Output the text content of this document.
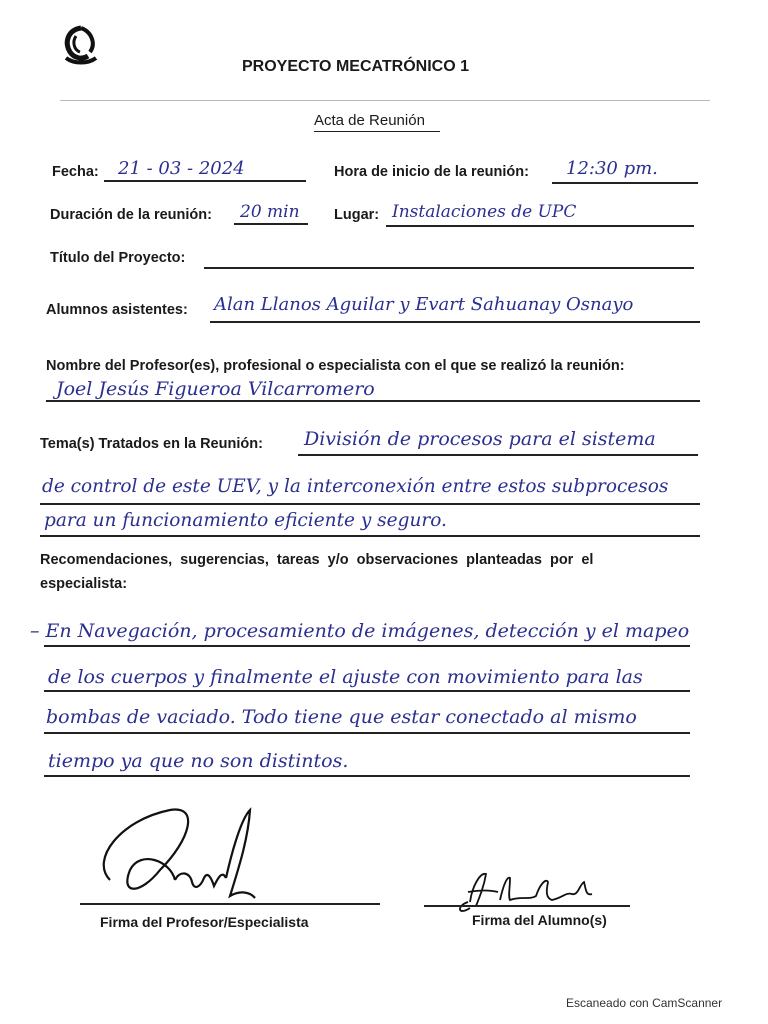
PROYECTO MECATRÓNICO 1
Acta de Reunión
Fecha: 21 - 03 - 2024	Hora de inicio de la reunión: 12:30 pm.
Duración de la reunión: 20 min Lugar: Instalaciones de UPC
Título del Proyecto:
Alumnos asistentes: Alan Llanos Aguilar y Evart Sahuanay Osnayo
Nombre del Profesor(es), profesional o especialista con el que se realizó la reunión:
Joel Jesús Figueroa Vilcarromero
Tema(s) Tratados en la Reunión: División de procesos para el sistema
de control de este UEV, y la interconexión entre estos subprocesos
para un funcionamiento eficiente y seguro.
Recomendaciones, sugerencias, tareas y/o observaciones planteadas por el
especialista:
– En Navegación, procesamiento de imágenes, detección y el mapeo
de los cuerpos y finalmente el ajuste con movimiento para las
bombas de vaciado. Todo tiene que estar conectado al mismo
tiempo ya que no son distintos.
Joel
Firma del Profesor/Especialista	Firma del Alumno(s)
Escaneado con CamScanner
